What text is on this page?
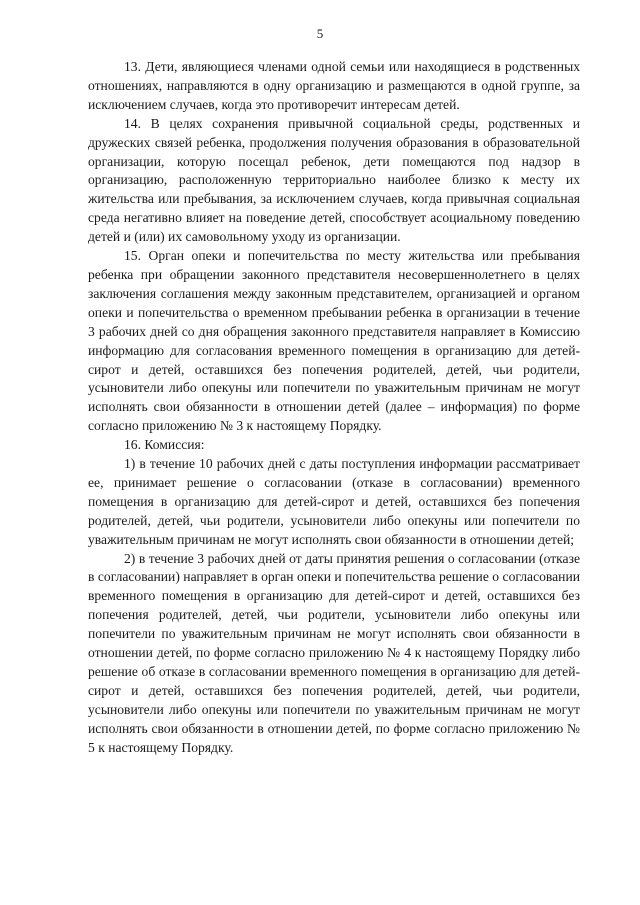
5

13. Дети, являющиеся членами одной семьи или находящиеся в родственных отношениях, направляются в одну организацию и размещаются в одной группе, за исключением случаев, когда это противоречит интересам детей.

14. В целях сохранения привычной социальной среды, родственных и дружеских связей ребенка, продолжения получения образования в образовательной организации, которую посещал ребенок, дети помещаются под надзор в организацию, расположенную территориально наиболее близко к месту их жительства или пребывания, за исключением случаев, когда привычная социальная среда негативно влияет на поведение детей, способствует асоциальному поведению детей и (или) их самовольному уходу из организации.

15. Орган опеки и попечительства по месту жительства или пребывания ребенка при обращении законного представителя несовершеннолетнего в целях заключения соглашения между законным представителем, организацией и органом опеки и попечительства о временном пребывании ребенка в организации в течение 3 рабочих дней со дня обращения законного представителя направляет в Комиссию информацию для согласования временного помещения в организацию для детей-сирот и детей, оставшихся без попечения родителей, детей, чьи родители, усыновители либо опекуны или попечители по уважительным причинам не могут исполнять свои обязанности в отношении детей (далее – информация) по форме согласно приложению № 3 к настоящему Порядку.

16. Комиссия:

1) в течение 10 рабочих дней с даты поступления информации рассматривает ее, принимает решение о согласовании (отказе в согласовании) временного помещения в организацию для детей-сирот и детей, оставшихся без попечения родителей, детей, чьи родители, усыновители либо опекуны или попечители по уважительным причинам не могут исполнять свои обязанности в отношении детей;

2) в течение 3 рабочих дней от даты принятия решения о согласовании (отказе в согласовании) направляет в орган опеки и попечительства решение о согласовании временного помещения в организацию для детей-сирот и детей, оставшихся без попечения родителей, детей, чьи родители, усыновители либо опекуны или попечители по уважительным причинам не могут исполнять свои обязанности в отношении детей, по форме согласно приложению № 4 к настоящему Порядку либо решение об отказе в согласовании временного помещения в организацию для детей-сирот и детей, оставшихся без попечения родителей, детей, чьи родители, усыновители либо опекуны или попечители по уважительным причинам не могут исполнять свои обязанности в отношении детей, по форме согласно приложению № 5 к настоящему Порядку.
